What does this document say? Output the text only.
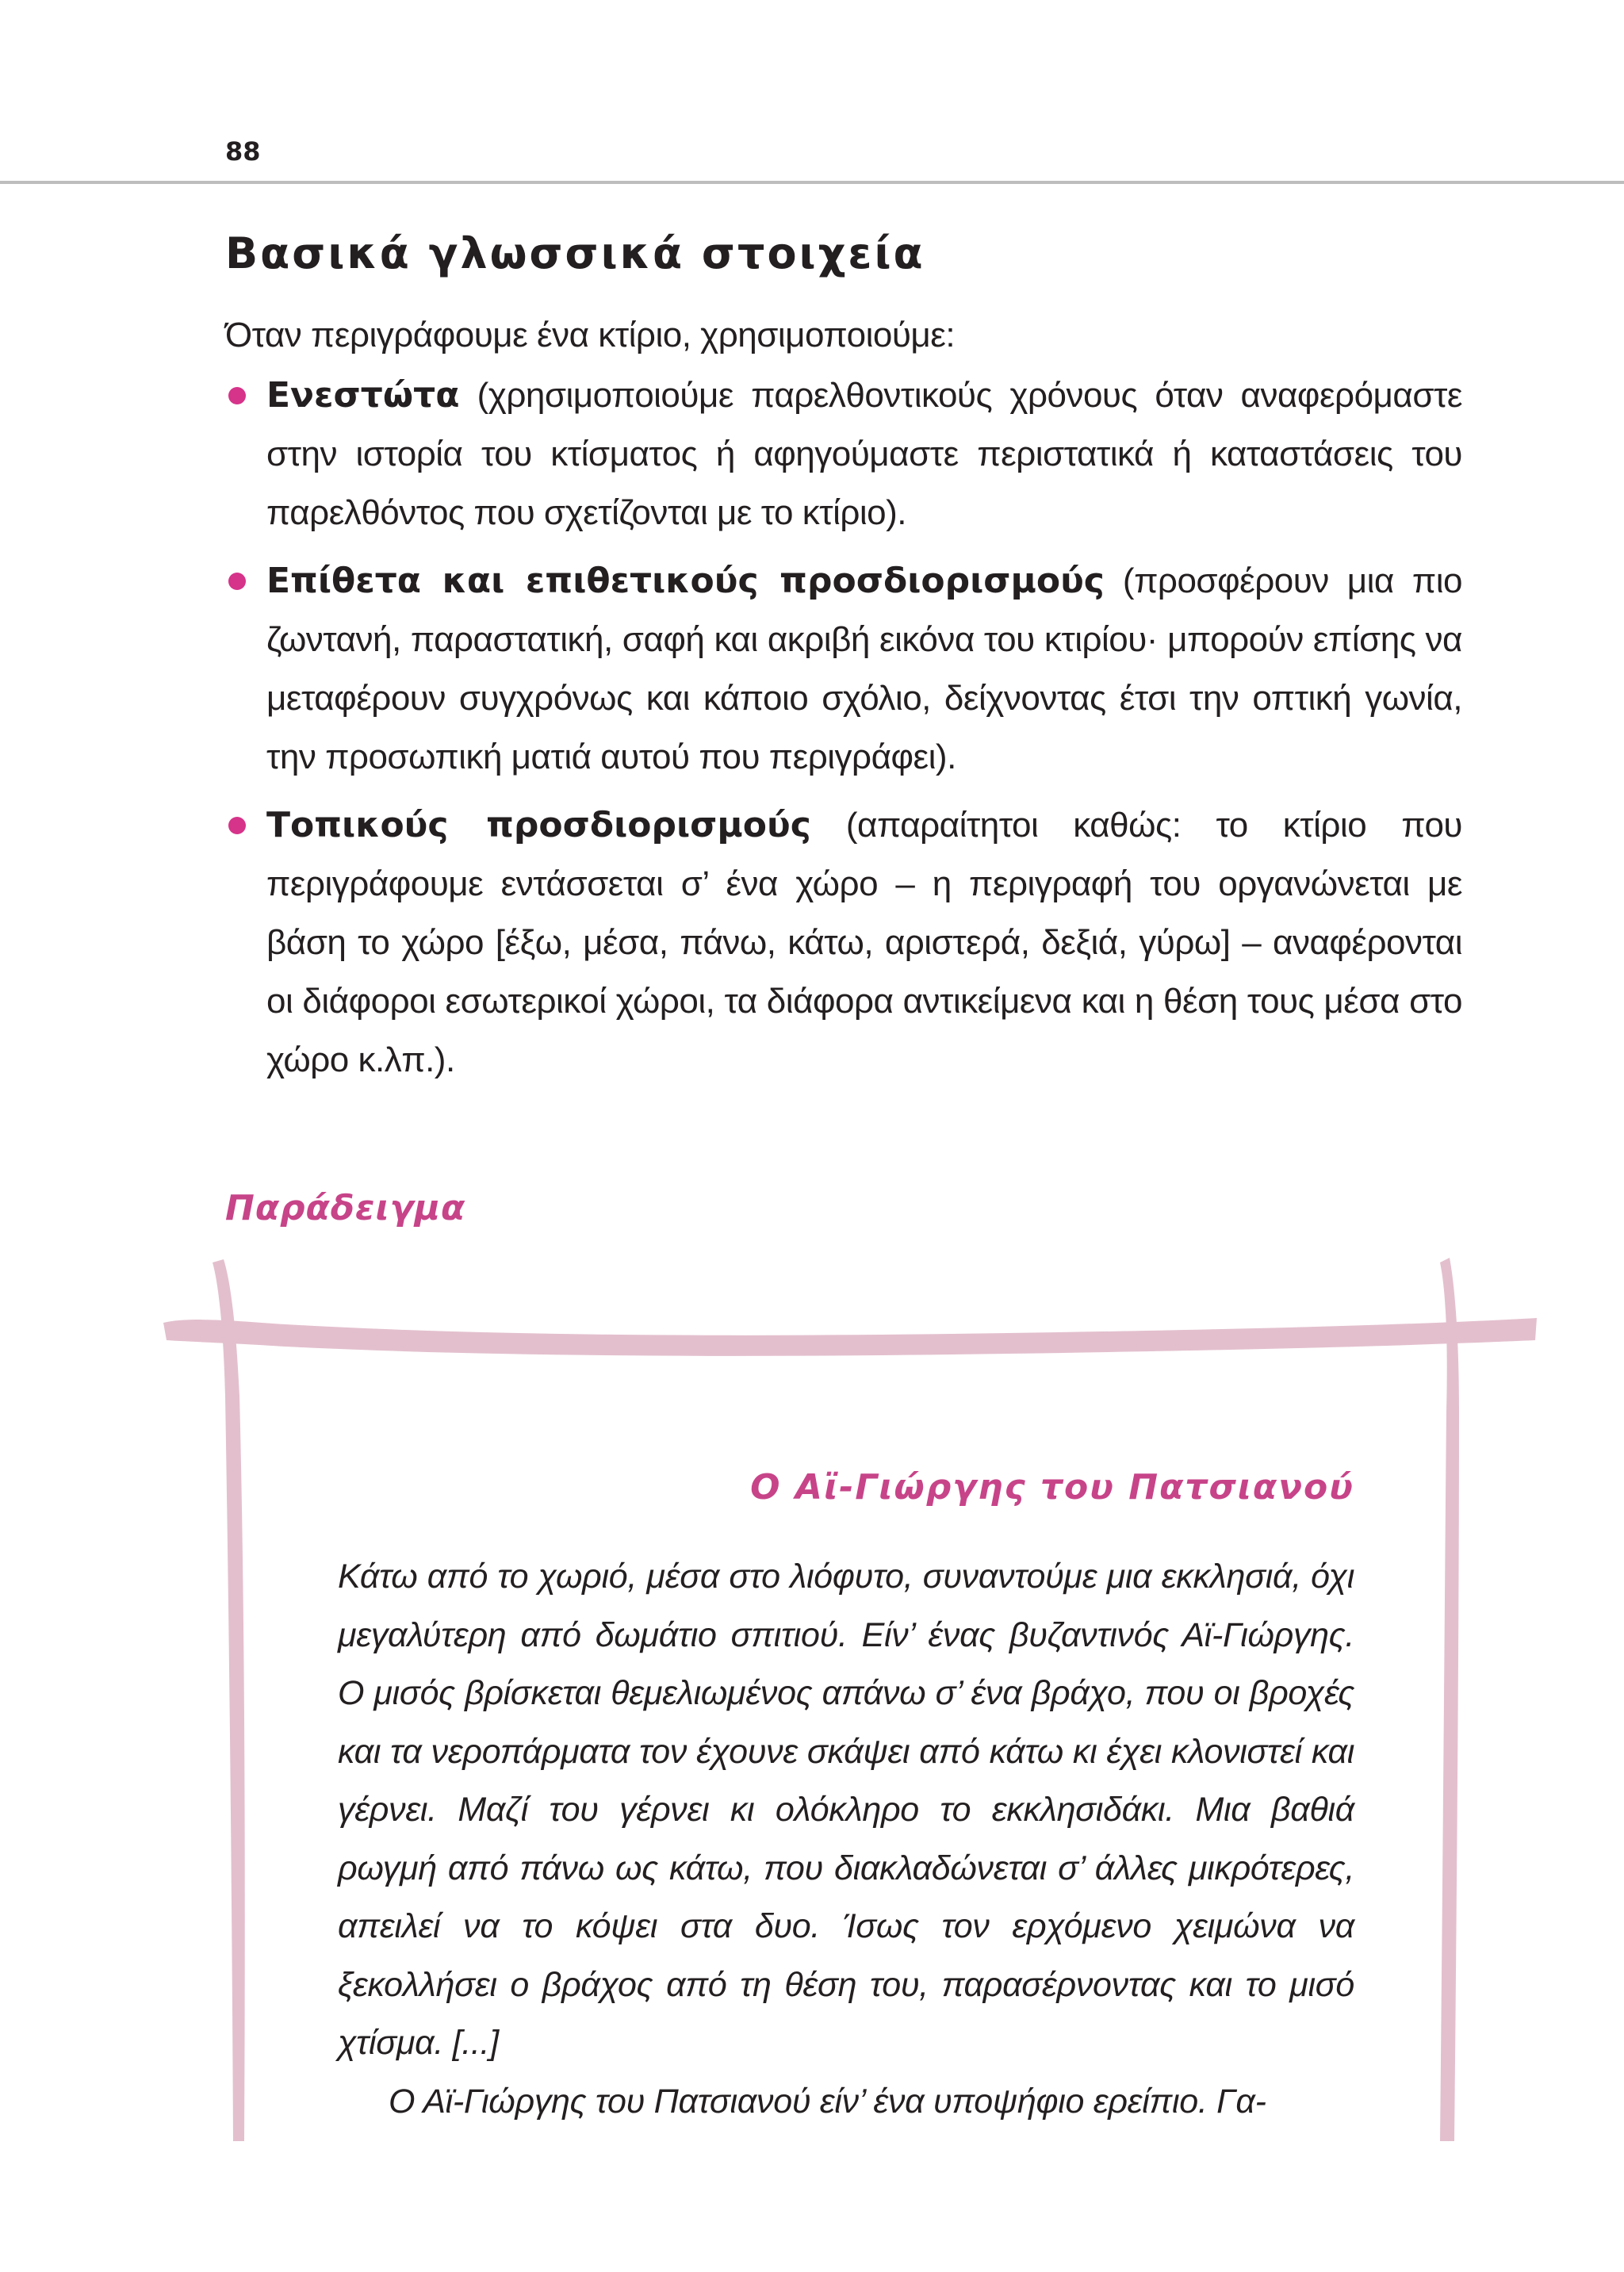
88
Βασικά γλωσσικά στοιχεία

Όταν περιγράφουμε ένα κτίριο, χρησιμοποιούμε:

Ενεστώτα (χρησιμοποιούμε παρελθοντικούς χρόνους όταν αναφερόμαστε στην ιστορία του κτίσματος ή αφηγούμαστε περιστατικά ή καταστάσεις του παρελθόντος που σχετίζονται με το κτίριο).
Επίθετα και επιθετικούς προσδιορισμούς (προσφέρουν μια πιο ζωντανή, παραστατική, σαφή και ακριβή εικόνα του κτιρίου· μπορούν επίσης να μεταφέρουν συγχρόνως και κάποιο σχόλιο, δείχνοντας έτσι την οπτική γωνία, την προσωπική ματιά αυτού που περιγράφει).
Τοπικούς προσδιορισμούς (απαραίτητοι καθώς: το κτίριο που περιγράφουμε εντάσσεται σ’ ένα χώρο – η περιγραφή του οργανώνεται με βάση το χώρο [έξω, μέσα, πάνω, κάτω, αριστερά, δεξιά, γύρω] – αναφέρονται οι διάφοροι εσωτερικοί χώροι, τα διάφορα αντικείμενα και η θέση τους μέσα στο χώρο κ.λπ.).
Παράδειγμα
Ο Αϊ-Γιώργης του Πατσιανού

Κάτω από το χωριό, μέσα στο λιόφυτο, συναντούμε μια εκκλησιά, όχι μεγαλύτερη από δωμάτιο σπιτιού. Είν’ ένας βυζαντινός Αϊ-Γιώργης. Ο μισός βρίσκεται θεμελιωμένος απάνω σ’ ένα βράχο, που οι βροχές και τα νεροπάρματα τον έχουνε σκάψει από κάτω κι έχει κλονιστεί και γέρνει. Μαζί του γέρνει κι ολόκληρο το εκκλησιδάκι. Μια βαθιά ρωγμή από πάνω ως κάτω, που διακλαδώνεται σ’ άλλες μικρότερες, απειλεί να το κόψει στα δυο. Ίσως τον ερχόμενο χειμώνα να ξεκολλήσει ο βράχος από τη θέση του, παρασέρνοντας και το μισό χτίσμα. [...]

Ο Αϊ-Γιώργης του Πατσιανού είν’ ένα υποψήφιο ερείπιο. Γα-
